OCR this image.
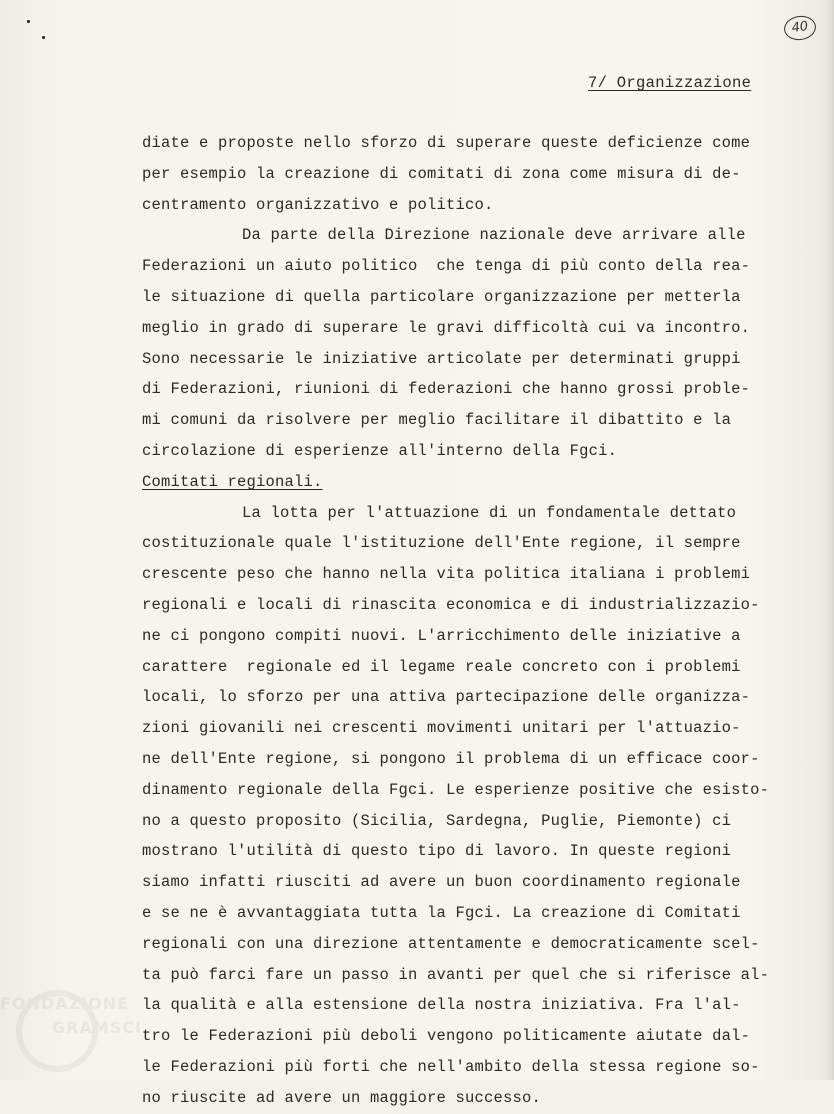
40
7/ Organizzazione
diate e proposte nello sforzo di superare queste deficienze come
per esempio la creazione di comitati di zona come misura di de-
centramento organizzativo e politico.
Da parte della Direzione nazionale deve arrivare alle
Federazioni un aiuto politico  che tenga di più conto della rea-
le situazione di quella particolare organizzazione per metterla
meglio in grado di superare le gravi difficoltà cui va incontro.
Sono necessarie le iniziative articolate per determinati gruppi
di Federazioni, riunioni di federazioni che hanno grossi proble-
mi comuni da risolvere per meglio facilitare il dibattito e la
circolazione di esperienze all'interno della Fgci.
Comitati regionali.
La lotta per l'attuazione di un fondamentale dettato
costituzionale quale l'istituzione dell'Ente regione, il sempre
crescente peso che hanno nella vita politica italiana i problemi
regionali e locali di rinascita economica e di industrializzazio-
ne ci pongono compiti nuovi. L'arricchimento delle iniziative a
carattere  regionale ed il legame reale concreto con i problemi
locali, lo sforzo per una attiva partecipazione delle organizza-
zioni giovanili nei crescenti movimenti unitari per l'attuazio-
ne dell'Ente regione, si pongono il problema di un efficace coor-
dinamento regionale della Fgci. Le esperienze positive che esisto-
no a questo proposito (Sicilia, Sardegna, Puglie, Piemonte) ci
mostrano l'utilità di questo tipo di lavoro. In queste regioni
siamo infatti riusciti ad avere un buon coordinamento regionale
e se ne è avvantaggiata tutta la Fgci. La creazione di Comitati
regionali con una direzione attentamente e democraticamente scel-
ta può farci fare un passo in avanti per quel che si riferisce al-
la qualità e alla estensione della nostra iniziativa. Fra l'al-
tro le Federazioni più deboli vengono politicamente aiutate dal-
le Federazioni più forti che nell'ambito della stessa regione so-
no riuscite ad avere un maggiore successo.
FONDAZIONE
GRAMSCI
